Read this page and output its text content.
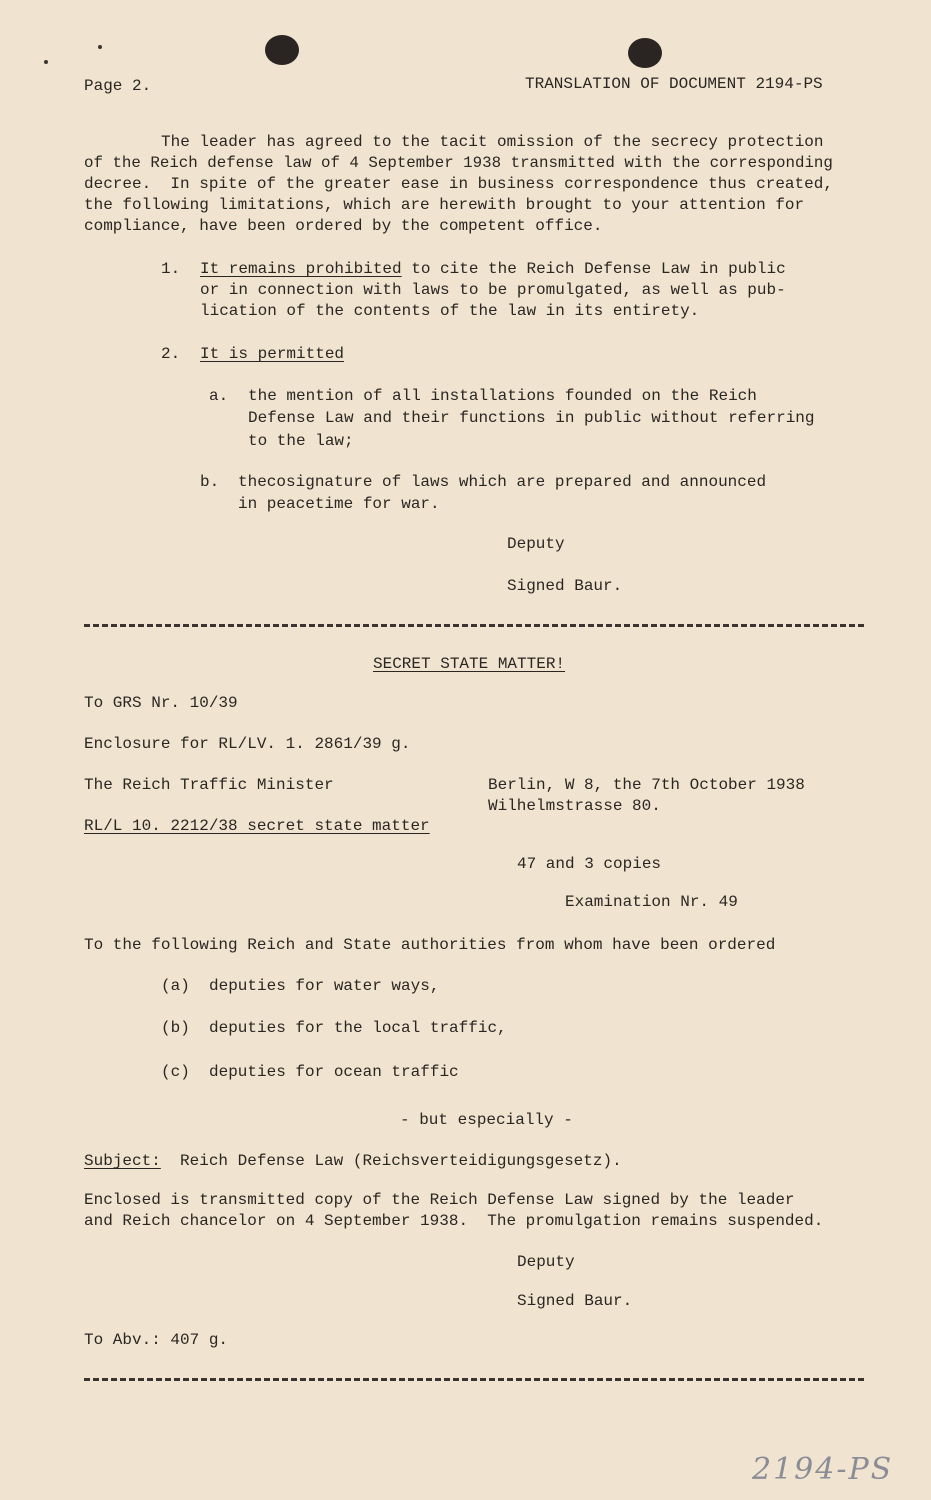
Page 2.	TRANSLATION OF DOCUMENT 2194-PS

The leader has agreed to the tacit omission of the secrecy protection

of the Reich defense law of 4 September 1938 transmitted with the corresponding

decree.  In spite of the greater ease in business correspondence thus created,

the following limitations, which are herewith brought to your attention for

compliance, have been ordered by the competent office.

1. It remains prohibited to cite the Reich Defense Law in public

or in connection with laws to be promulgated, as well as pub-

lication of the contents of the law in its entirety.

2. It is permitted

a. the mention of all installations founded on the Reich

Defense Law and their functions in public without referring

to the law;

b. thecosignature of laws which are prepared and announced

in peacetime for war.

Deputy

Signed Baur.

SECRET STATE MATTER!

To GRS Nr. 10/39

Enclosure for RL/LV. 1. 2861/39 g.

The Reich Traffic Minister

RL/L 10. 2212/38 secret state matter

Berlin, W 8, the 7th October 1938

Wilhelmstrasse 80.

47 and 3 copies

Examination Nr. 49

To the following Reich and State authorities from whom have been ordered

(a) deputies for water ways,

(b) deputies for the local traffic,

(c) deputies for ocean traffic

- but especially -

Subject:  Reich Defense Law (Reichsverteidigungsgesetz).

Enclosed is transmitted copy of the Reich Defense Law signed by the leader

and Reich chancelor on 4 September 1938.  The promulgation remains suspended.

Deputy

Signed Baur.

To Abv.: 407 g.

2194-PS
